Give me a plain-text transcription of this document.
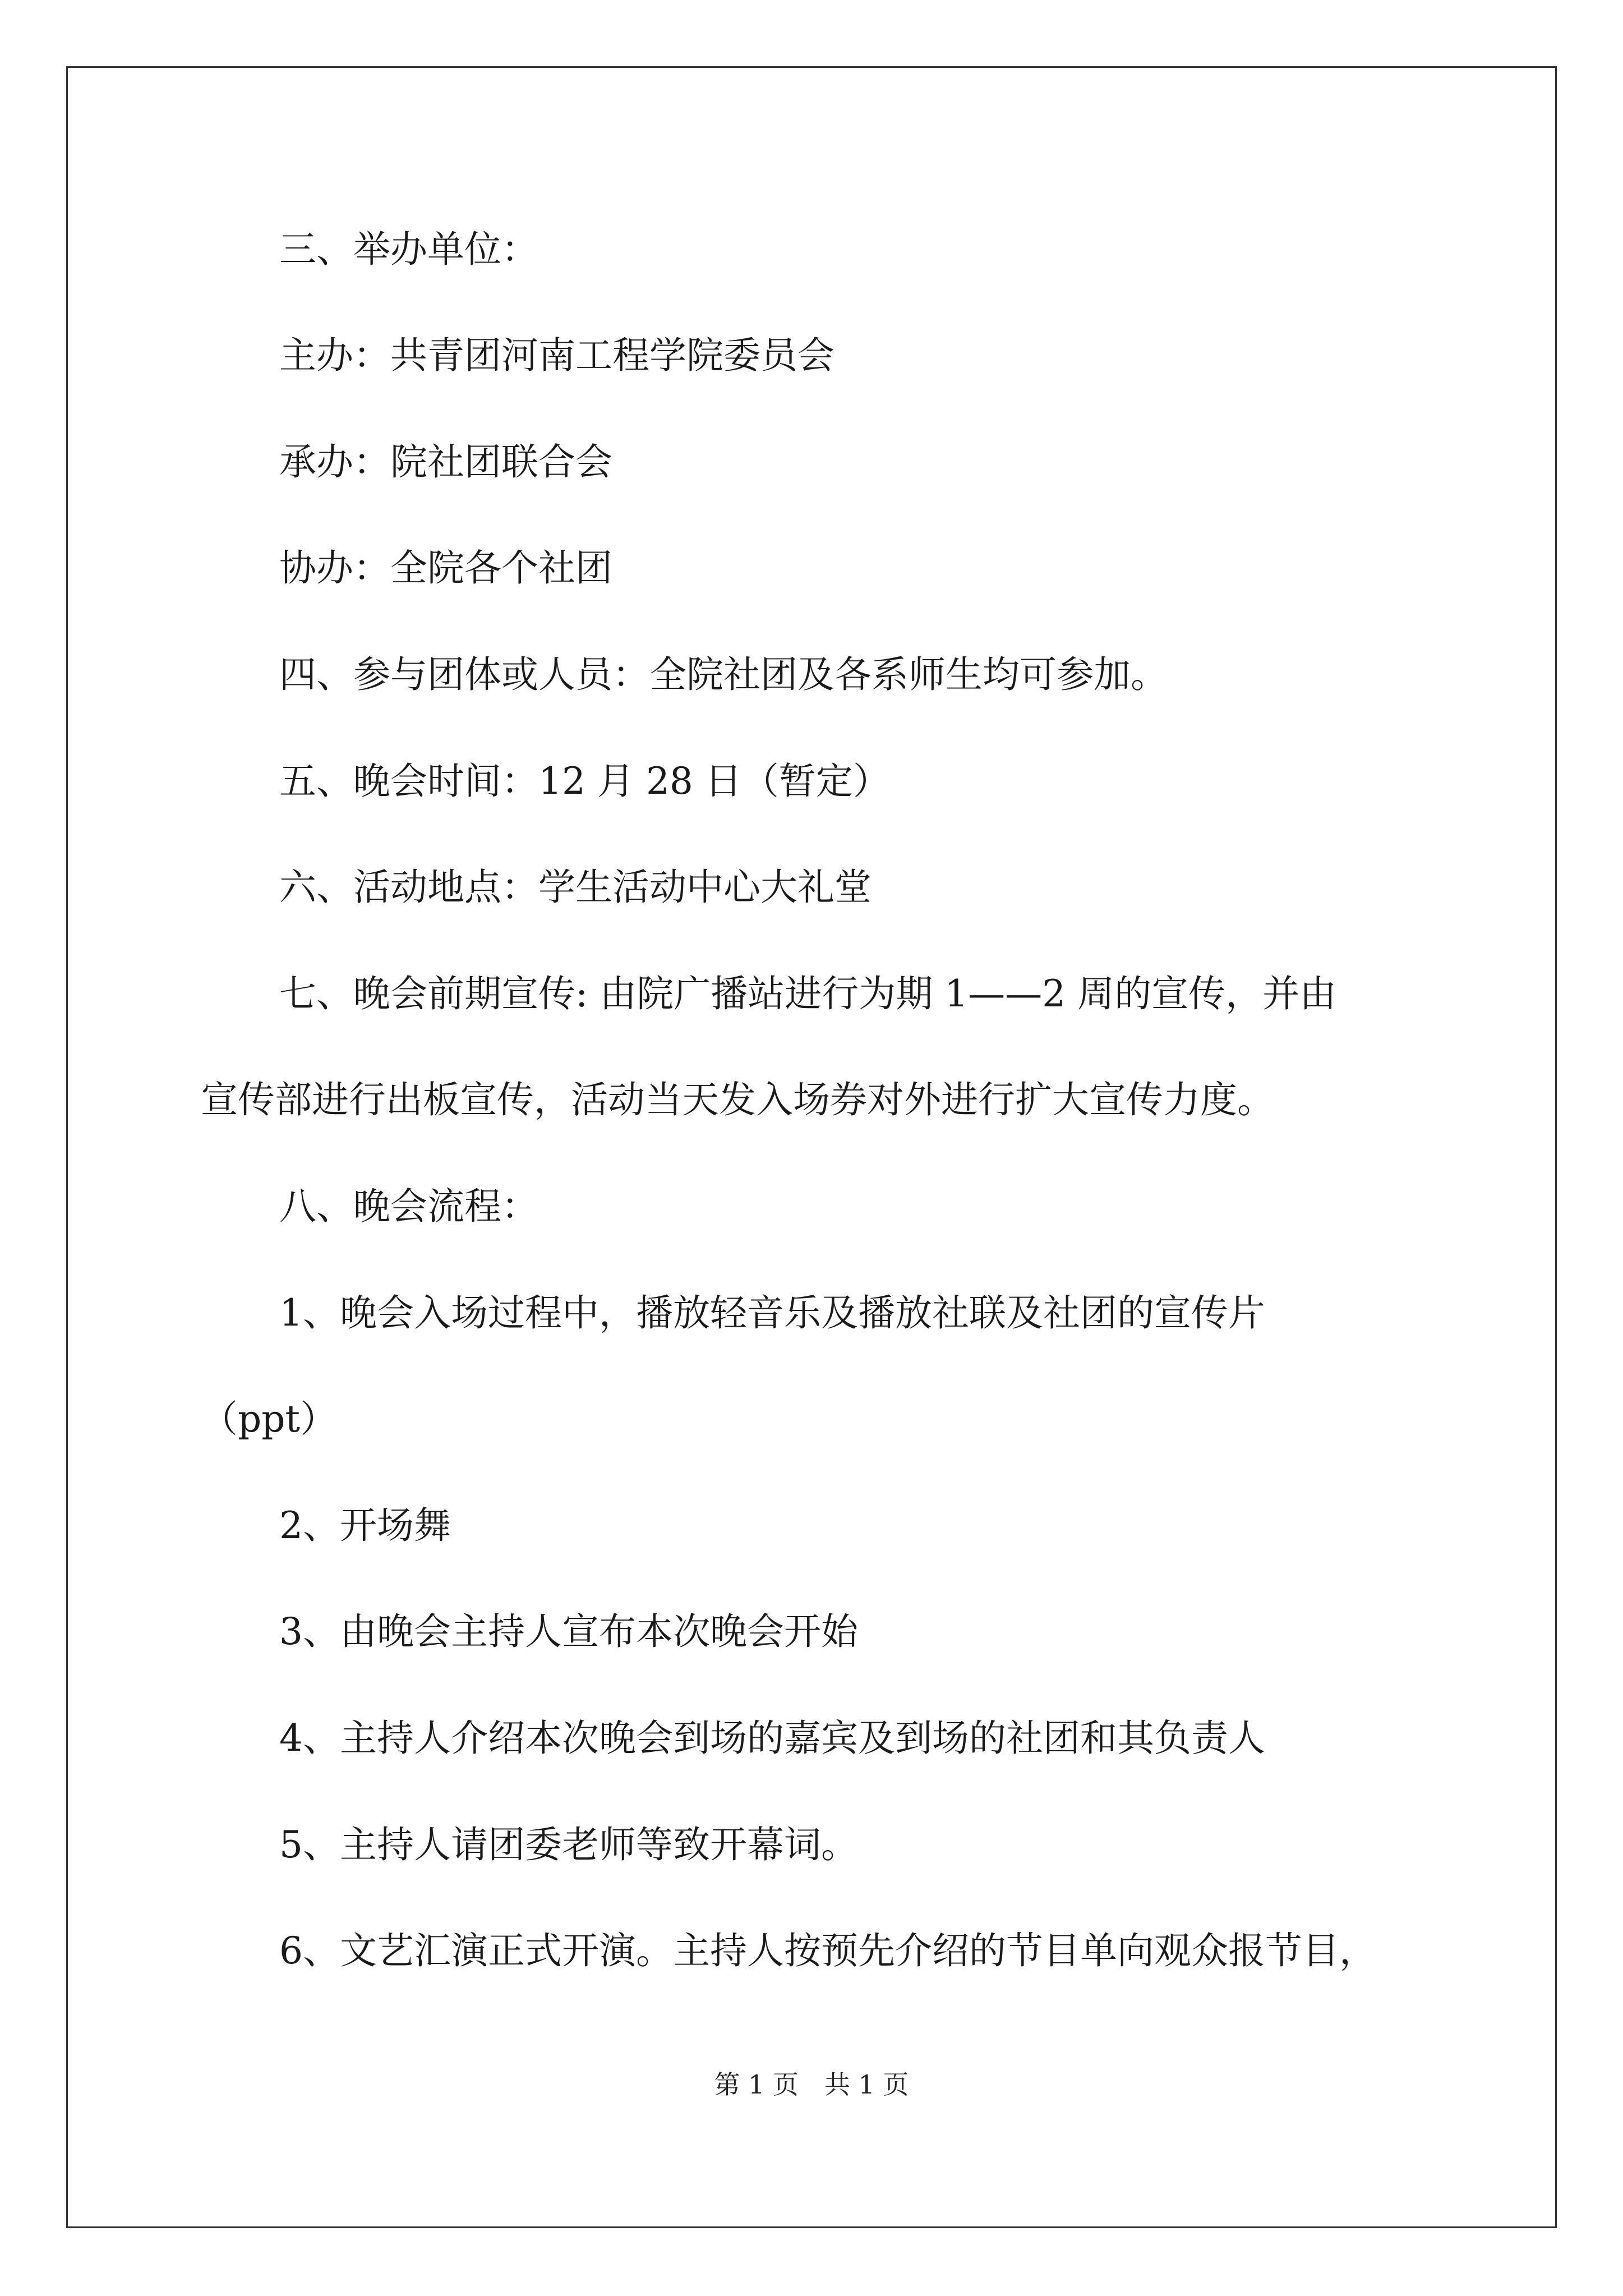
三、举办单位：
主办：共青团河南工程学院委员会
承办：院社团联合会
协办：全院各个社团
四、参与团体或人员：全院社团及各系师生均可参加。
五、晚会时间：12 月 28 日（暂定）
六、活动地点：学生活动中心大礼堂
七、晚会前期宣传: 由院广播站进行为期 1——2 周的宣传，并由
宣传部进行出板宣传，活动当天发入场券对外进行扩大宣传力度。
八、晚会流程：
1、晚会入场过程中，播放轻音乐及播放社联及社团的宣传片
（ppt）
2、开场舞
3、由晚会主持人宣布本次晚会开始
4、主持人介绍本次晚会到场的嘉宾及到场的社团和其负责人
5、主持人请团委老师等致开幕词。
6、文艺汇演正式开演。主持人按预先介绍的节目单向观众报节目，
第 1 页　共 1 页
